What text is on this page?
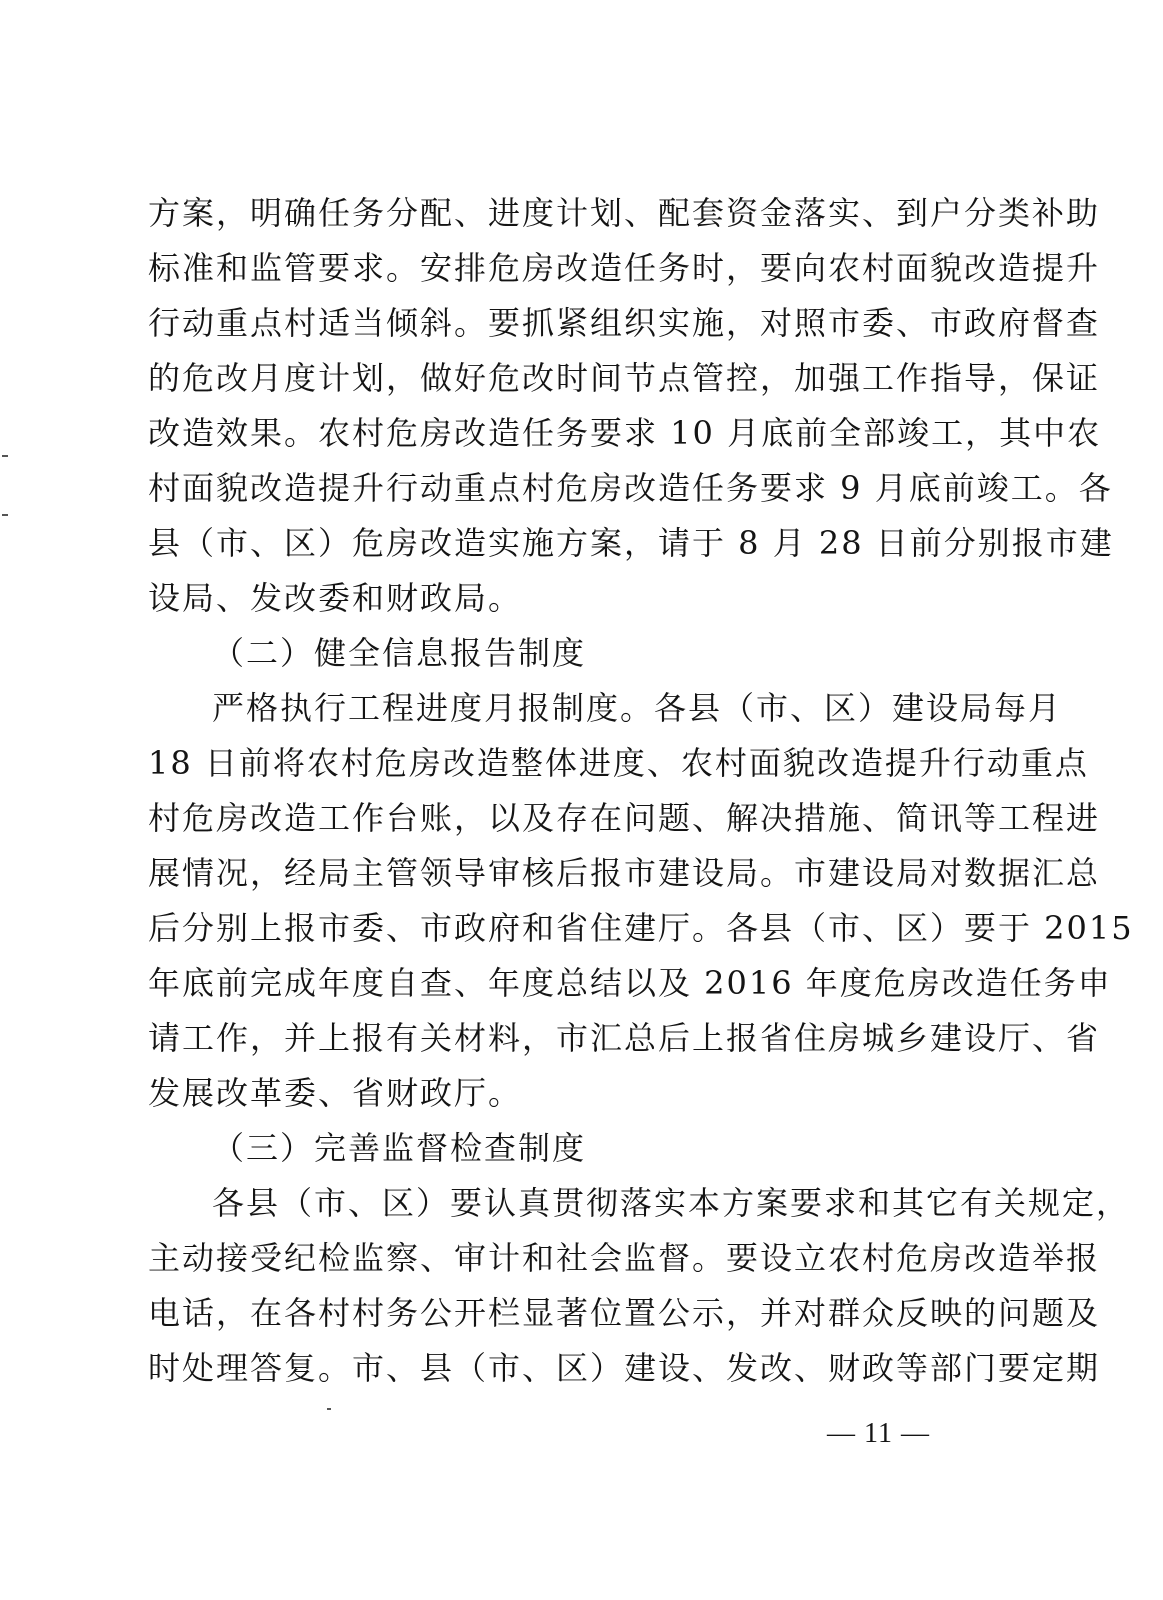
方案，明确任务分配、进度计划、配套资金落实、到户分类补助
标准和监管要求。安排危房改造任务时，要向农村面貌改造提升
行动重点村适当倾斜。要抓紧组织实施，对照市委、市政府督查
的危改月度计划，做好危改时间节点管控，加强工作指导，保证
改造效果。农村危房改造任务要求 10 月底前全部竣工，其中农
村面貌改造提升行动重点村危房改造任务要求 9 月底前竣工。各
县（市、区）危房改造实施方案，请于 8 月 28 日前分别报市建
设局、发改委和财政局。
（二）健全信息报告制度
严格执行工程进度月报制度。各县（市、区）建设局每月
18 日前将农村危房改造整体进度、农村面貌改造提升行动重点
村危房改造工作台账，以及存在问题、解决措施、简讯等工程进
展情况，经局主管领导审核后报市建设局。市建设局对数据汇总
后分别上报市委、市政府和省住建厅。各县（市、区）要于 2015
年底前完成年度自查、年度总结以及 2016 年度危房改造任务申
请工作，并上报有关材料，市汇总后上报省住房城乡建设厅、省
发展改革委、省财政厅。
（三）完善监督检查制度
各县（市、区）要认真贯彻落实本方案要求和其它有关规定，
主动接受纪检监察、审计和社会监督。要设立农村危房改造举报
电话，在各村村务公开栏显著位置公示，并对群众反映的问题及
时处理答复。市、县（市、区）建设、发改、财政等部门要定期
— 11 —
